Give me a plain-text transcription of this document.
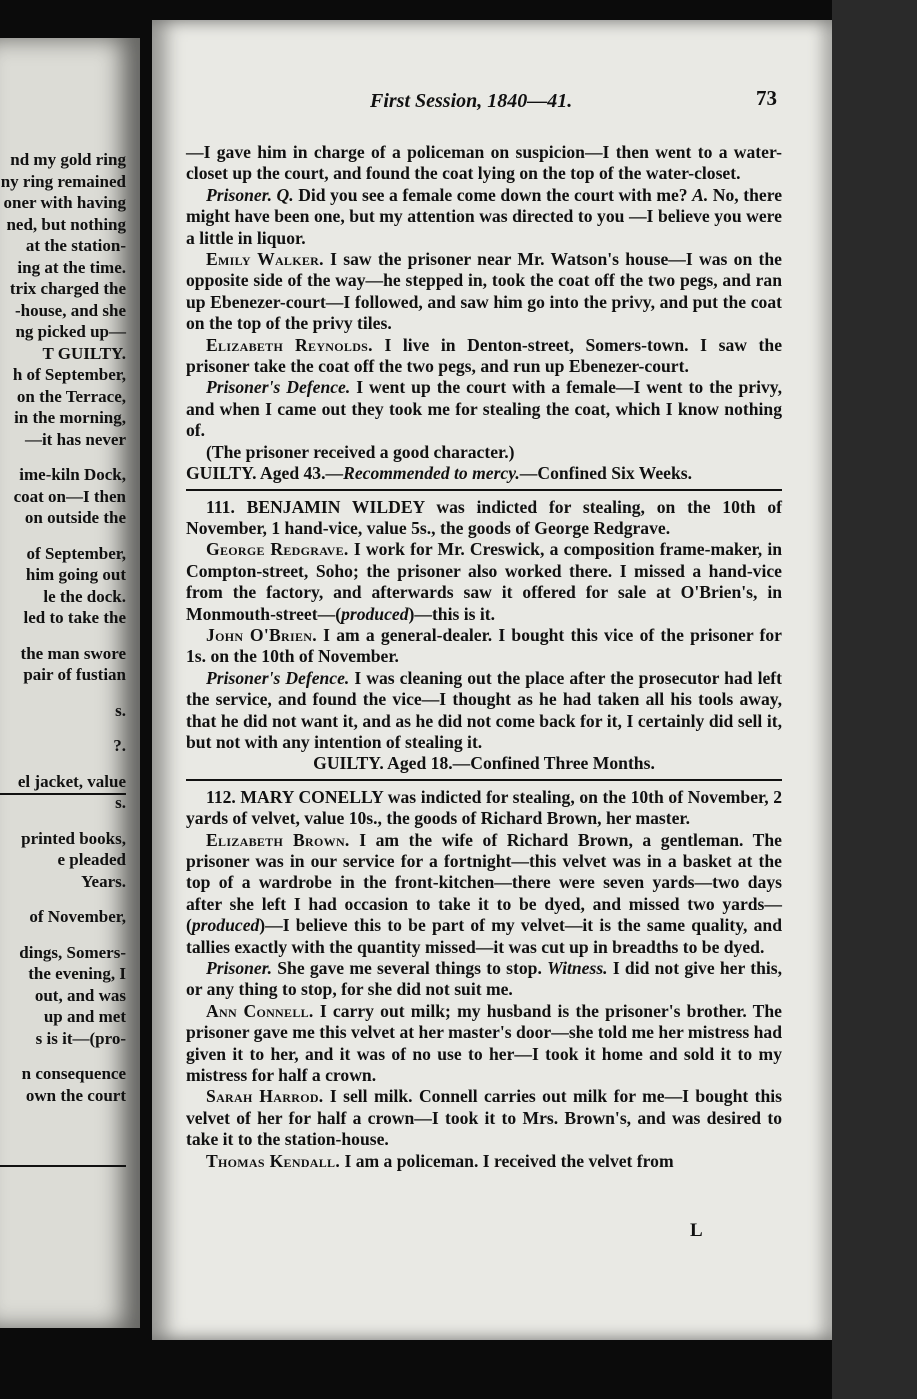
nd my gold ring
ny ring remained
oner with having
ned, but nothing
at the station-
ing at the time.
trix charged the
-house, and she
ng picked up—
T GUILTY.
h of September,
on the Terrace,
in the morning,
—it has never
ime-kiln Dock,
coat on—I then
on outside the
of September,
him going out
le the dock.
led to take the
the man swore
pair of fustian
s.
?.
el jacket, value
s.
printed books,
e pleaded
Years.
of November,
dings, Somers-
the evening, I
out, and was
up and met
s is it—(pro-
n consequence
own the court
First Session, 1840—41.	73

—I gave him in charge of a policeman on suspicion—I then went to a water-closet up the court, and found the coat lying on the top of the water-closet.

Prisoner. Q. Did you see a female come down the court with me? A. No, there might have been one, but my attention was directed to you —I believe you were a little in liquor.

Emily Walker. I saw the prisoner near Mr. Watson's house—I was on the opposite side of the way—he stepped in, took the coat off the two pegs, and ran up Ebenezer-court—I followed, and saw him go into the privy, and put the coat on the top of the privy tiles.

Elizabeth Reynolds. I live in Denton-street, Somers-town. I saw the prisoner take the coat off the two pegs, and run up Ebenezer-court.

Prisoner's Defence. I went up the court with a female—I went to the privy, and when I came out they took me for stealing the coat, which I know nothing of.

(The prisoner received a good character.)

GUILTY. Aged 43.—Recommended to mercy.—Confined Six Weeks.

111. BENJAMIN WILDEY was indicted for stealing, on the 10th of November, 1 hand-vice, value 5s., the goods of George Redgrave.

George Redgrave. I work for Mr. Creswick, a composition frame-maker, in Compton-street, Soho; the prisoner also worked there. I missed a hand-vice from the factory, and afterwards saw it offered for sale at O'Brien's, in Monmouth-street—(produced)—this is it.

John O'Brien. I am a general-dealer. I bought this vice of the prisoner for 1s. on the 10th of November.

Prisoner's Defence. I was cleaning out the place after the prosecutor had left the service, and found the vice—I thought as he had taken all his tools away, that he did not want it, and as he did not come back for it, I certainly did sell it, but not with any intention of stealing it.

GUILTY. Aged 18.—Confined Three Months.

112. MARY CONELLY was indicted for stealing, on the 10th of November, 2 yards of velvet, value 10s., the goods of Richard Brown, her master.

Elizabeth Brown. I am the wife of Richard Brown, a gentleman. The prisoner was in our service for a fortnight—this velvet was in a basket at the top of a wardrobe in the front-kitchen—there were seven yards—two days after she left I had occasion to take it to be dyed, and missed two yards—(produced)—I believe this to be part of my velvet—it is the same quality, and tallies exactly with the quantity missed—it was cut up in breadths to be dyed.

Prisoner. She gave me several things to stop. Witness. I did not give her this, or any thing to stop, for she did not suit me.

Ann Connell. I carry out milk; my husband is the prisoner's brother. The prisoner gave me this velvet at her master's door—she told me her mistress had given it to her, and it was of no use to her—I took it home and sold it to my mistress for half a crown.

Sarah Harrod. I sell milk. Connell carries out milk for me—I bought this velvet of her for half a crown—I took it to Mrs. Brown's, and was desired to take it to the station-house.

Thomas Kendall. I am a policeman. I received the velvet from

L
